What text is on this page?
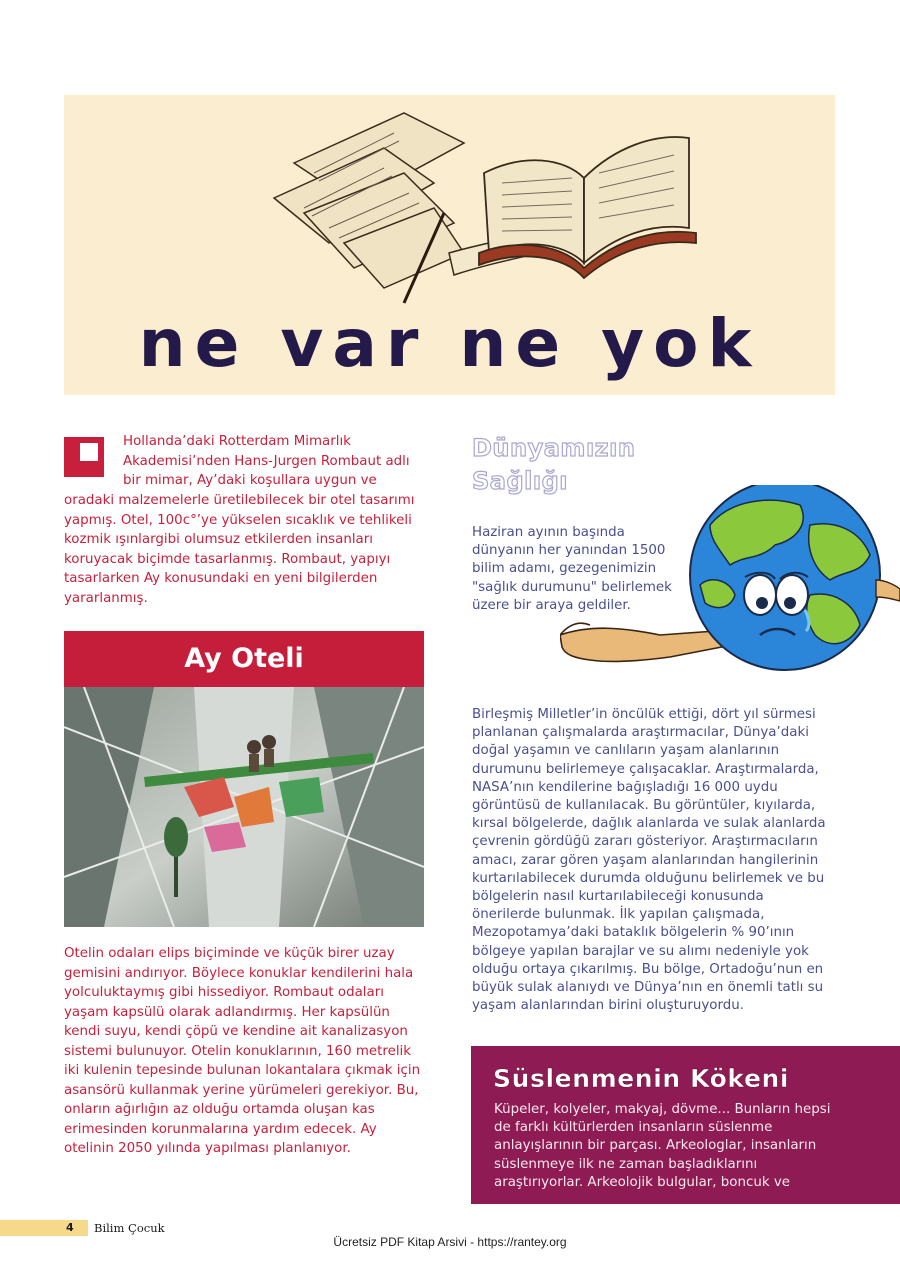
ne var ne yok
Hollanda’daki Rotterdam Mimarlık Akademisi’nden Hans-Jurgen Rombaut adlı bir mimar, Ay’daki koşullara uygun ve
oradaki malzemelerle üretilebilecek bir otel tasarımı yapmış. Otel, 100c°’ye yükselen sıcaklık ve tehlikeli kozmik ışınlargibi olumsuz etkilerden insanları koruyacak biçimde tasarlanmış. Rombaut, yapıyı tasarlarken Ay konusundaki en yeni bilgilerden yararlanmış.
Ay Oteli
Otelin odaları elips biçiminde ve küçük birer uzay gemisini andırıyor. Böylece konuklar kendilerini hala yolculuktaymış gibi hissediyor. Rombaut odaları yaşam kapsülü olarak adlandırmış. Her kapsülün kendi suyu, kendi çöpü ve kendine ait kanalizasyon sistemi bulunuyor. Otelin konuklarının, 160 metrelik iki kulenin tepesinde bulunan lokantalara çıkmak için asansörü kullanmak yerine yürümeleri gerekiyor. Bu, onların ağırlığın az olduğu ortamda oluşan kas erimesinden korunmalarına yardım edecek. Ay otelinin 2050 yılında yapılması planlanıyor.
Dünyamızın Sağlığı
Haziran ayının başında dünyanın her yanından 1500 bilim adamı, gezegenimizin "sağlık durumunu" belirlemek üzere bir araya geldiler.
Birleşmiş Milletler’in öncülük ettiği, dört yıl sürmesi planlanan çalışmalarda araştırmacılar, Dünya’daki doğal yaşamın ve canlıların yaşam alanlarının durumunu belirlemeye çalışacaklar. Araştırmalarda, NASA’nın kendilerine bağışladığı 16 000 uydu görüntüsü de kullanılacak. Bu görüntüler, kıyılarda, kırsal bölgelerde, dağlık alanlarda ve sulak alanlarda çevrenin gördüğü zararı gösteriyor. Araştırmacıların amacı, zarar gören yaşam alanlarından hangilerinin kurtarılabilecek durumda olduğunu belirlemek ve bu bölgelerin nasıl kurtarılabileceği konusunda önerilerde bulunmak. İlk yapılan çalışmada, Mezopotamya’daki bataklık bölgelerin % 90’ının bölgeye yapılan barajlar ve su alımı nedeniyle yok olduğu ortaya çıkarılmış. Bu bölge, Ortadoğu’nun en büyük sulak alanıydı ve Dünya’nın en önemli tatlı su yaşam alanlarından birini oluşturuyordu.
Süslenmenin Kökeni
Küpeler, kolyeler, makyaj, dövme... Bunların hepsi de farklı kültürlerden insanların süslenme anlayışlarının bir parçası. Arkeologlar, insanların süslenmeye ilk ne zaman başladıklarını araştırıyorlar. Arkeolojik bulgular, boncuk ve
4 Bilim Çocuk
Ücretsiz PDF Kitap Arsivi - https://rantey.org
